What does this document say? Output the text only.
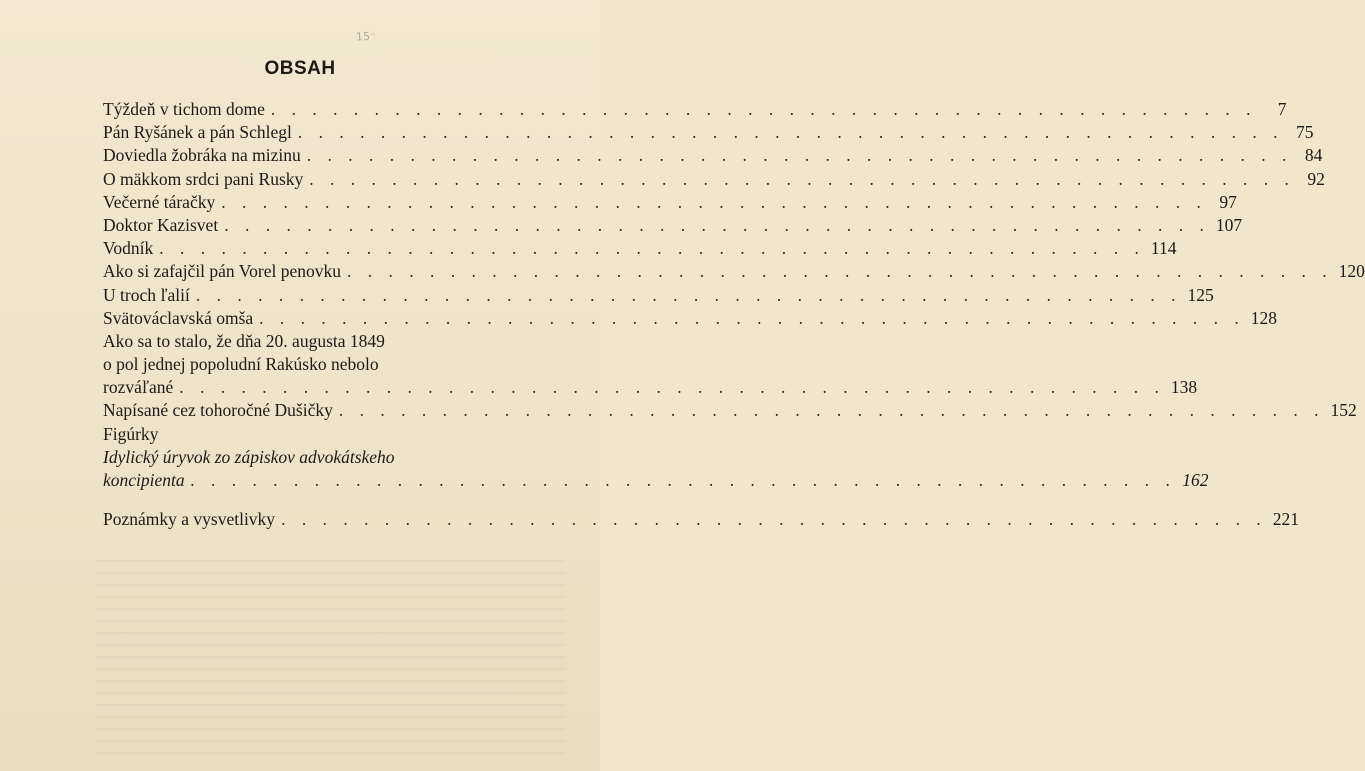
15⁻
OBSAH
Týždeň v tichom dome . . . . . . . . . . . . . . . . . . . . . . . . . . . . . . . . . . . . . . . . . . . . . . . .	7
Pán Ryšánek a pán Schlegl . . . . . . . . . . . . . . . . . . . . . . . . . . . . . . . . . . . . . . . . . . . . . . . . 75
Doviedla žobráka na mizinu . . . . . . . . . . . . . . . . . . . . . . . . . . . . . . . . . . . . . . . . . . . . . . . . 84
O mäkkom srdci pani Rusky . . . . . . . . . . . . . . . . . . . . . . . . . . . . . . . . . . . . . . . . . . . . . . . . 92
Večerné táračky . . . . . . . . . . . . . . . . . . . . . . . . . . . . . . . . . . . . . . . . . . . . . . . . 97
Doktor Kazisvet . . . . . . . . . . . . . . . . . . . . . . . . . . . . . . . . . . . . . . . . . . . . . . . . 107
Vodník . . . . . . . . . . . . . . . . . . . . . . . . . . . . . . . . . . . . . . . . . . . . . . . . 114
Ako si zafajčil pán Vorel penovku . . . . . . . . . . . . . . . . . . . . . . . . . . . . . . . . . . . . . . . . . . . . . . . . 120
U troch ľalií . . . . . . . . . . . . . . . . . . . . . . . . . . . . . . . . . . . . . . . . . . . . . . . . 125
Svätováclavská omša . . . . . . . . . . . . . . . . . . . . . . . . . . . . . . . . . . . . . . . . . . . . . . . . 128
Ako sa to stalo, že dňa 20. augusta 1849
o pol jednej popoludní Rakúsko nebolo
rozváľané . . . . . . . . . . . . . . . . . . . . . . . . . . . . . . . . . . . . . . . . . . . . . . . . 138
Napísané cez tohoročné Dušičky . . . . . . . . . . . . . . . . . . . . . . . . . . . . . . . . . . . . . . . . . . . . . . . . 152
Figúrky
Idylický úryvok zo zápiskov advokátskeho
koncipienta . . . . . . . . . . . . . . . . . . . . . . . . . . . . . . . . . . . . . . . . . . . . . . . . 162
Poznámky a vysvetlivky . . . . . . . . . . . . . . . . . . . . . . . . . . . . . . . . . . . . . . . . . . . . . . . . 221
